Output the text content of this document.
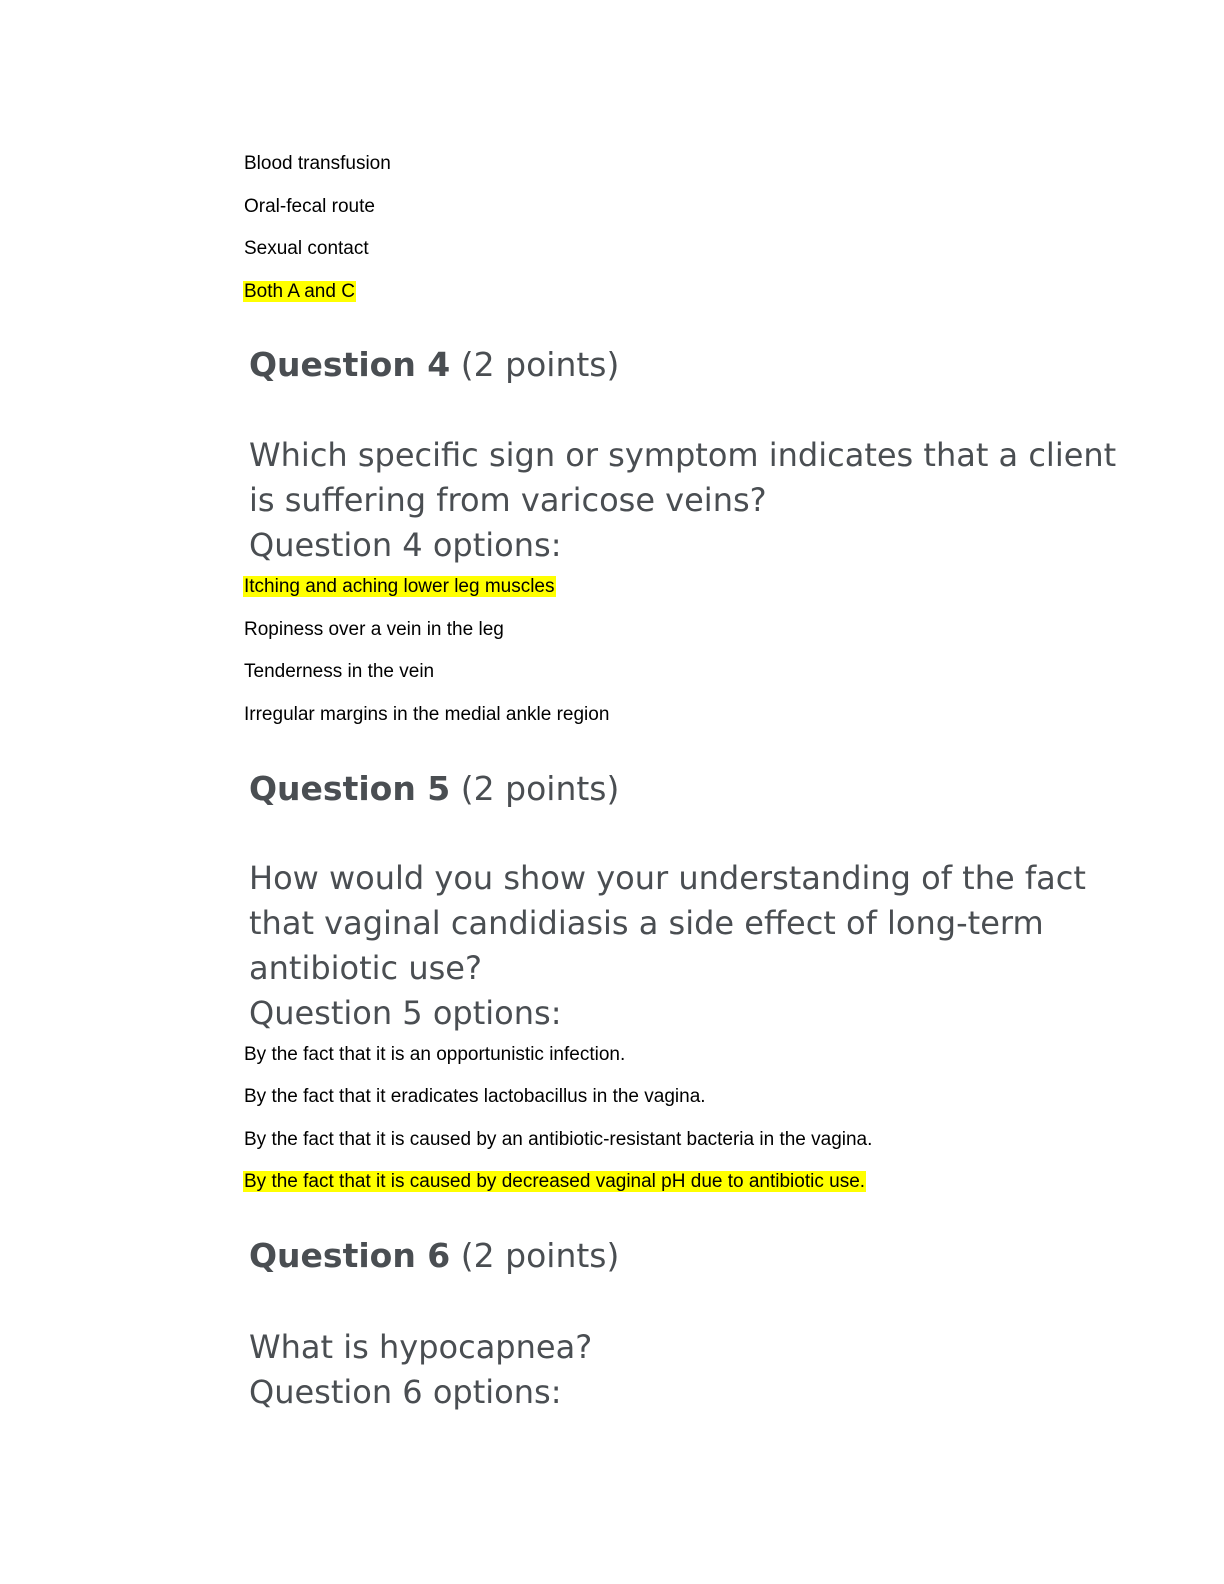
Blood transfusion
Oral-fecal route
Sexual contact
Both A and C
Question 4 (2 points)
Which specific sign or symptom indicates that a client
is suffering from varicose veins?
Question 4 options:
Itching and aching lower leg muscles
Ropiness over a vein in the leg
Tenderness in the vein
Irregular margins in the medial ankle region
Question 5 (2 points)
How would you show your understanding of the fact
that vaginal candidiasis a side effect of long-term
antibiotic use?
Question 5 options:
By the fact that it is an opportunistic infection.
By the fact that it eradicates lactobacillus in the vagina.
By the fact that it is caused by an antibiotic-resistant bacteria in the vagina.
By the fact that it is caused by decreased vaginal pH due to antibiotic use.
Question 6 (2 points)
What is hypocapnea?
Question 6 options:
